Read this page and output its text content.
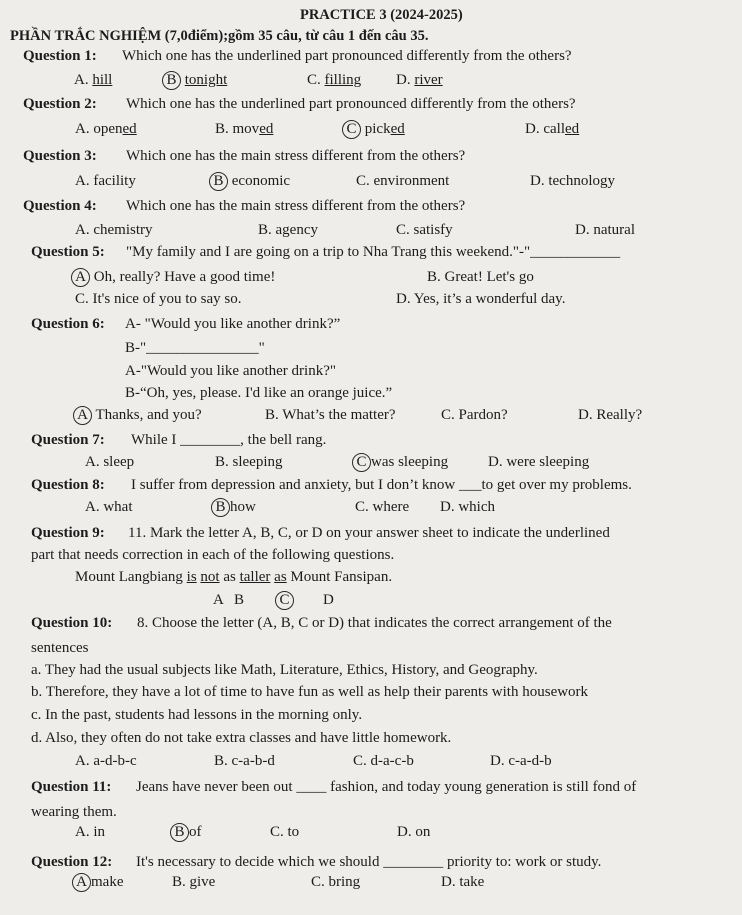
PRACTICE 3 (2024-2025)
PHẦN TRẮC NGHIỆM (7,0điểm);gồm 35 câu, từ câu 1 đến câu 35.
Question 1: Which one has the underlined part pronounced differently from the others?
A. hill	B tonight	C. filling D. river
Question 2: Which one has the underlined part pronounced differently from the others?
A. opened	B. moved	C picked	D. called
Question 3: Which one has the main stress different from the others?
A. facility	B economic	C. environment	D. technology
Question 4: Which one has the main stress different from the others?
A. chemistry	B. agency	C. satisfy	D. natural
Question 5: "My family and I are going on a trip to Nha Trang this weekend."-"____________
A Oh, really? Have a good time!	B. Great! Let's go
C. It's nice of you to say so.	D. Yes, it’s a wonderful day.
Question 6: A- "Would you like another drink?”
B-"_______________"
A-"Would you like another drink?"
B-“Oh, yes, please. I'd like an orange juice.”
A Thanks, and you?	B. What’s the matter?	C. Pardon?	D. Really?
Question 7: While I ________, the bell rang.
A. sleep	B. sleeping	C was sleeping	D. were sleeping
Question 8: I suffer from depression and anxiety, but I don’t know ___to get over my problems.
A. what	B how	C. where D. which
Question 9: 11. Mark the letter A, B, C, or D on your answer sheet to indicate the underlined
part that needs correction in each of the following questions.
Mount Langbiang is not as taller as Mount Fansipan.
A B C	D
Question 10: 8. Choose the letter (A, B, C or D) that indicates the correct arrangement of the
sentences
a. They had the usual subjects like Math, Literature, Ethics, History, and Geography.
b. Therefore, they have a lot of time to have fun as well as help their parents with housework
c. In the past, students had lessons in the morning only.
d. Also, they often do not take extra classes and have little homework.
A. a-d-b-c	B. c-a-b-d	C. d-a-c-b	D. c-a-d-b
Question 11: Jeans have never been out ____ fashion, and today young generation is still fond of
wearing them.
A. in	B of	C. to	D. on
Question 12: It's necessary to decide which we should ________ priority to: work or study.
A make	B. give	C. bring	D. take
